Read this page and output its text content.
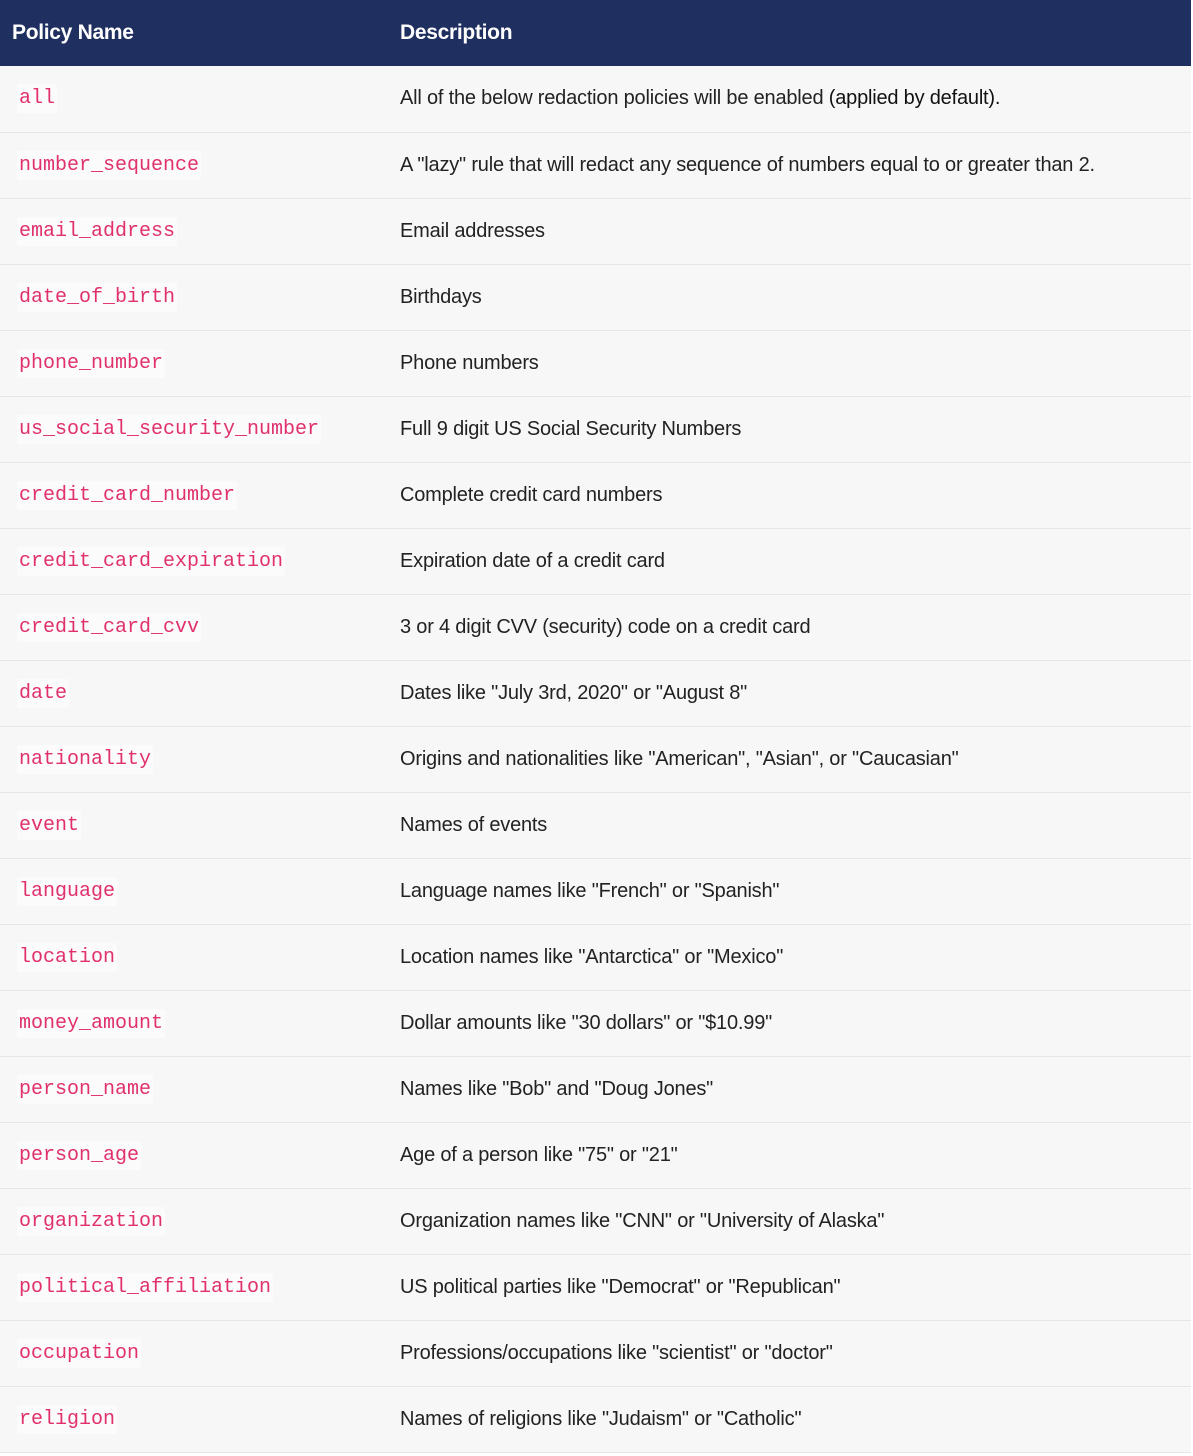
Policy Name	Description
all	All of the below redaction policies will be enabled (applied by default).
number_sequence	A "lazy" rule that will redact any sequence of numbers equal to or greater than 2.
email_address	Email addresses
date_of_birth	Birthdays
phone_number	Phone numbers
us_social_security_number	Full 9 digit US Social Security Numbers
credit_card_number	Complete credit card numbers
credit_card_expiration	Expiration date of a credit card
credit_card_cvv	3 or 4 digit CVV (security) code on a credit card
date	Dates like "July 3rd, 2020" or "August 8"
nationality	Origins and nationalities like "American", "Asian", or "Caucasian"
event	Names of events
language	Language names like "French" or "Spanish"
location	Location names like "Antarctica" or "Mexico"
money_amount	Dollar amounts like "30 dollars" or "$10.99"
person_name	Names like "Bob" and "Doug Jones"
person_age	Age of a person like "75" or "21"
organization	Organization names like "CNN" or "University of Alaska"
political_affiliation	US political parties like "Democrat" or "Republican"
occupation	Professions/occupations like "scientist" or "doctor"
religion	Names of religions like "Judaism" or "Catholic"
